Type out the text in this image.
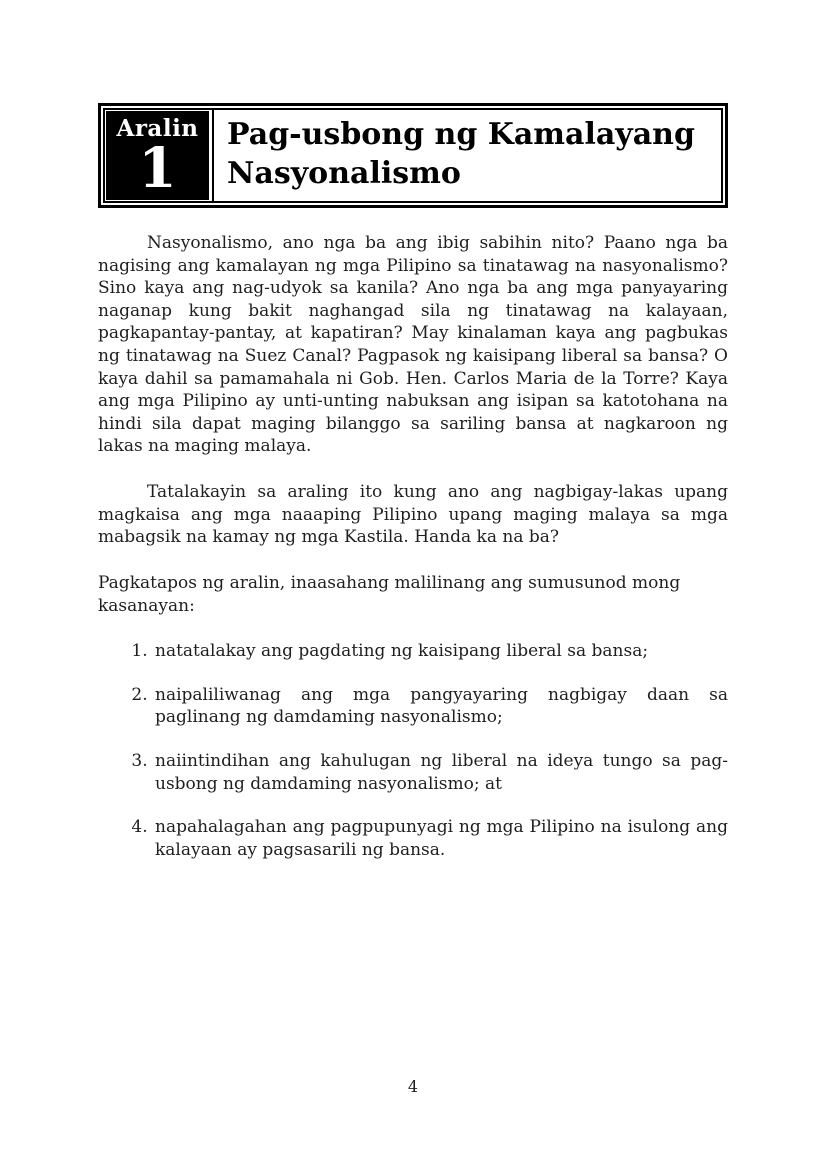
Aralin
1
Pag-usbong ng Kamalayang
Nasyonalismo

Nasyonalismo, ano nga ba ang ibig sabihin nito? Paano nga ba nagising ang kamalayan ng mga Pilipino sa tinatawag na nasyonalismo? Sino kaya ang nag-udyok sa kanila? Ano nga ba ang mga panyayaring naganap kung bakit naghangad sila ng tinatawag na kalayaan, pagkapantay-pantay, at kapatiran? May kinalaman kaya ang pagbukas ng tinatawag na Suez Canal? Pagpasok ng kaisipang liberal sa bansa? O kaya dahil sa pamamahala ni Gob. Hen. Carlos Maria de la Torre? Kaya ang mga Pilipino ay unti-unting nabuksan ang isipan sa katotohana na hindi sila dapat maging bilanggo sa sariling bansa at nagkaroon ng lakas na maging malaya.

Tatalakayin sa araling ito kung ano ang nagbigay-lakas upang magkaisa ang mga naaaping Pilipino upang maging malaya sa mga mabagsik na kamay ng mga Kastila. Handa ka na ba?

Pagkatapos ng aralin, inaasahang malilinang ang sumusunod mong kasanayan:

1. natatalakay ang pagdating ng kaisipang liberal sa bansa;
2. naipaliliwanag ang mga pangyayaring nagbigay daan sa paglinang ng damdaming nasyonalismo;
3. naiintindihan ang kahulugan ng liberal na ideya tungo sa pag-usbong ng damdaming nasyonalismo; at
4. napahalagahan ang pagpupunyagi ng mga Pilipino na isulong ang kalayaan ay pagsasarili ng bansa.
4
